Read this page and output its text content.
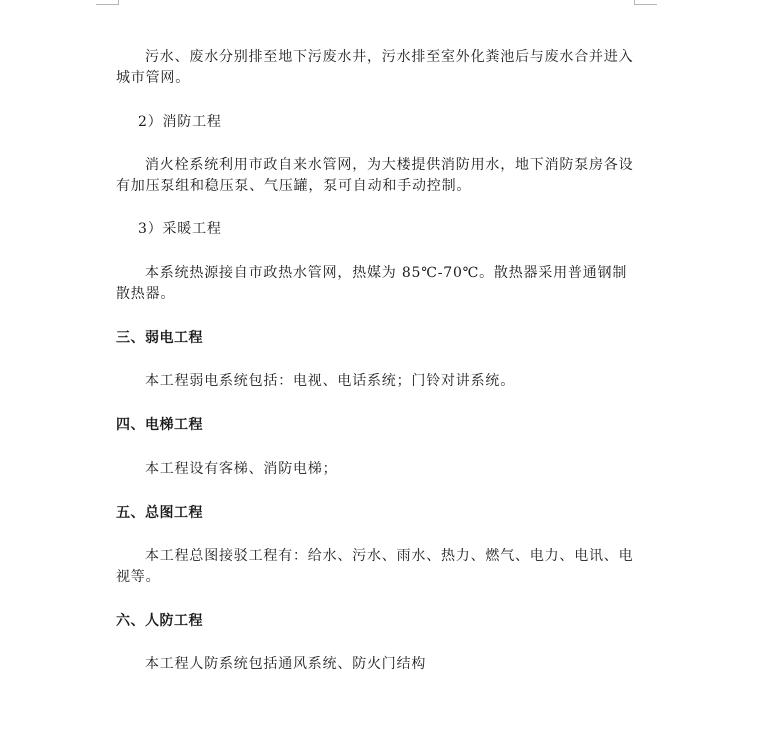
污水、废水分别排至地下污废水井，污水排至室外化粪池后与废水合并进入城市管网。
2）消防工程
消火栓系统利用市政自来水管网，为大楼提供消防用水，地下消防泵房各设有加压泵组和稳压泵、气压罐，泵可自动和手动控制。
3）采暖工程
本系统热源接自市政热水管网，热媒为 85℃-70℃。散热器采用普通钢制散热器。
三、弱电工程
本工程弱电系统包括：电视、电话系统；门铃对讲系统。
四、电梯工程
本工程设有客梯、消防电梯；
五、总图工程
本工程总图接驳工程有：给水、污水、雨水、热力、燃气、电力、电讯、电视等。
六、人防工程
本工程人防系统包括通风系统、防火门结构
